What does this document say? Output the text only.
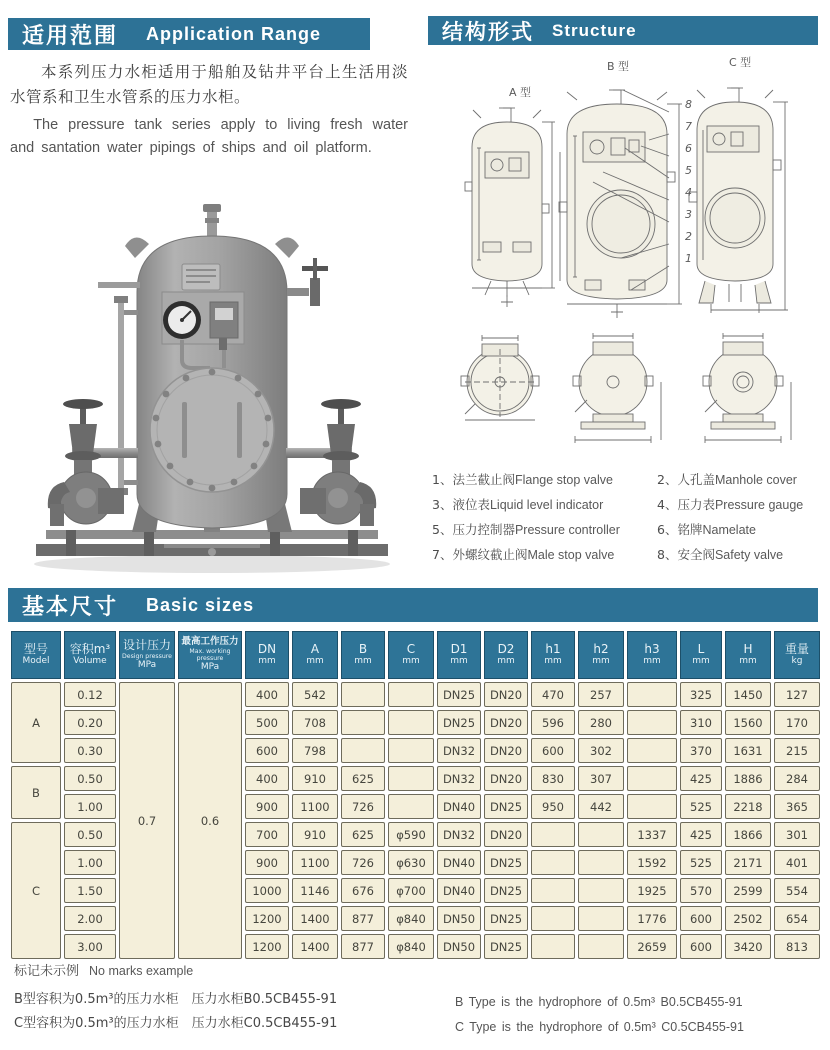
适用范围 Application Range
本系列压力水柜适用于船舶及钻井平台上生活用淡水管系和卫生水管系的压力水柜。
The pressure tank series apply to living fresh water and santation water pipings of ships and oil platform.
结构形式 Structure
A 型
B 型	C 型
8
7
6
5
4
3
2
1
1、法兰截止阀Flange stop valve	2、人孔盖Manhole cover
3、液位表Liquid level indicator	4、压力表Pressure gauge
5、压力控制器Pressure controller	6、铭牌Namelate
7、外螺纹截止阀Male stop valve	8、安全阀Safety valve
基本尺寸 Basic sizes
型号
Model

容积m³
Volume

设计压力
Design pressure
MPa

最高工作压力
Max. working pressure
MPa

DN
mm

A
mm

B
mm

C
mm

D1
mm

D2
mm

h1
mm

h2
mm

h3
mm

L
mm

H
mm

重量
kg

A	0.12	0.7	0.6	400	542			DN25	DN20	470	257		325	1450	127
	0.20			500	708			DN25	DN20	596	280		310	1560	170
	0.30			600	798			DN32	DN20	600	302		370	1631	215
B	0.50			400	910	625		DN32	DN20	830	307		425	1886	284
	1.00			900	1100	726		DN40	DN25	950	442		525	2218	365
C	0.50			700	910	625	φ590	DN32	DN20			1337	425	1866	301
	1.00			900	1100	726	φ630	DN40	DN25			1592	525	2171	401
	1.50			1000	1146	676	φ700	DN40	DN25			1925	570	2599	554
	2.00			1200	1400	877	φ840	DN50	DN25			1776	600	2502	654
	3.00			1200	1400	877	φ840	DN50	DN25			2659	600	3420	813
标记未示例 No marks example
B型容积为0.5m³的压力水柜　压力水柜B0.5CB455-91
C型容积为0.5m³的压力水柜　压力水柜C0.5CB455-91
B Type is the hydrophore of 0.5m³ B0.5CB455-91
C Type is the hydrophore of 0.5m³ C0.5CB455-91
